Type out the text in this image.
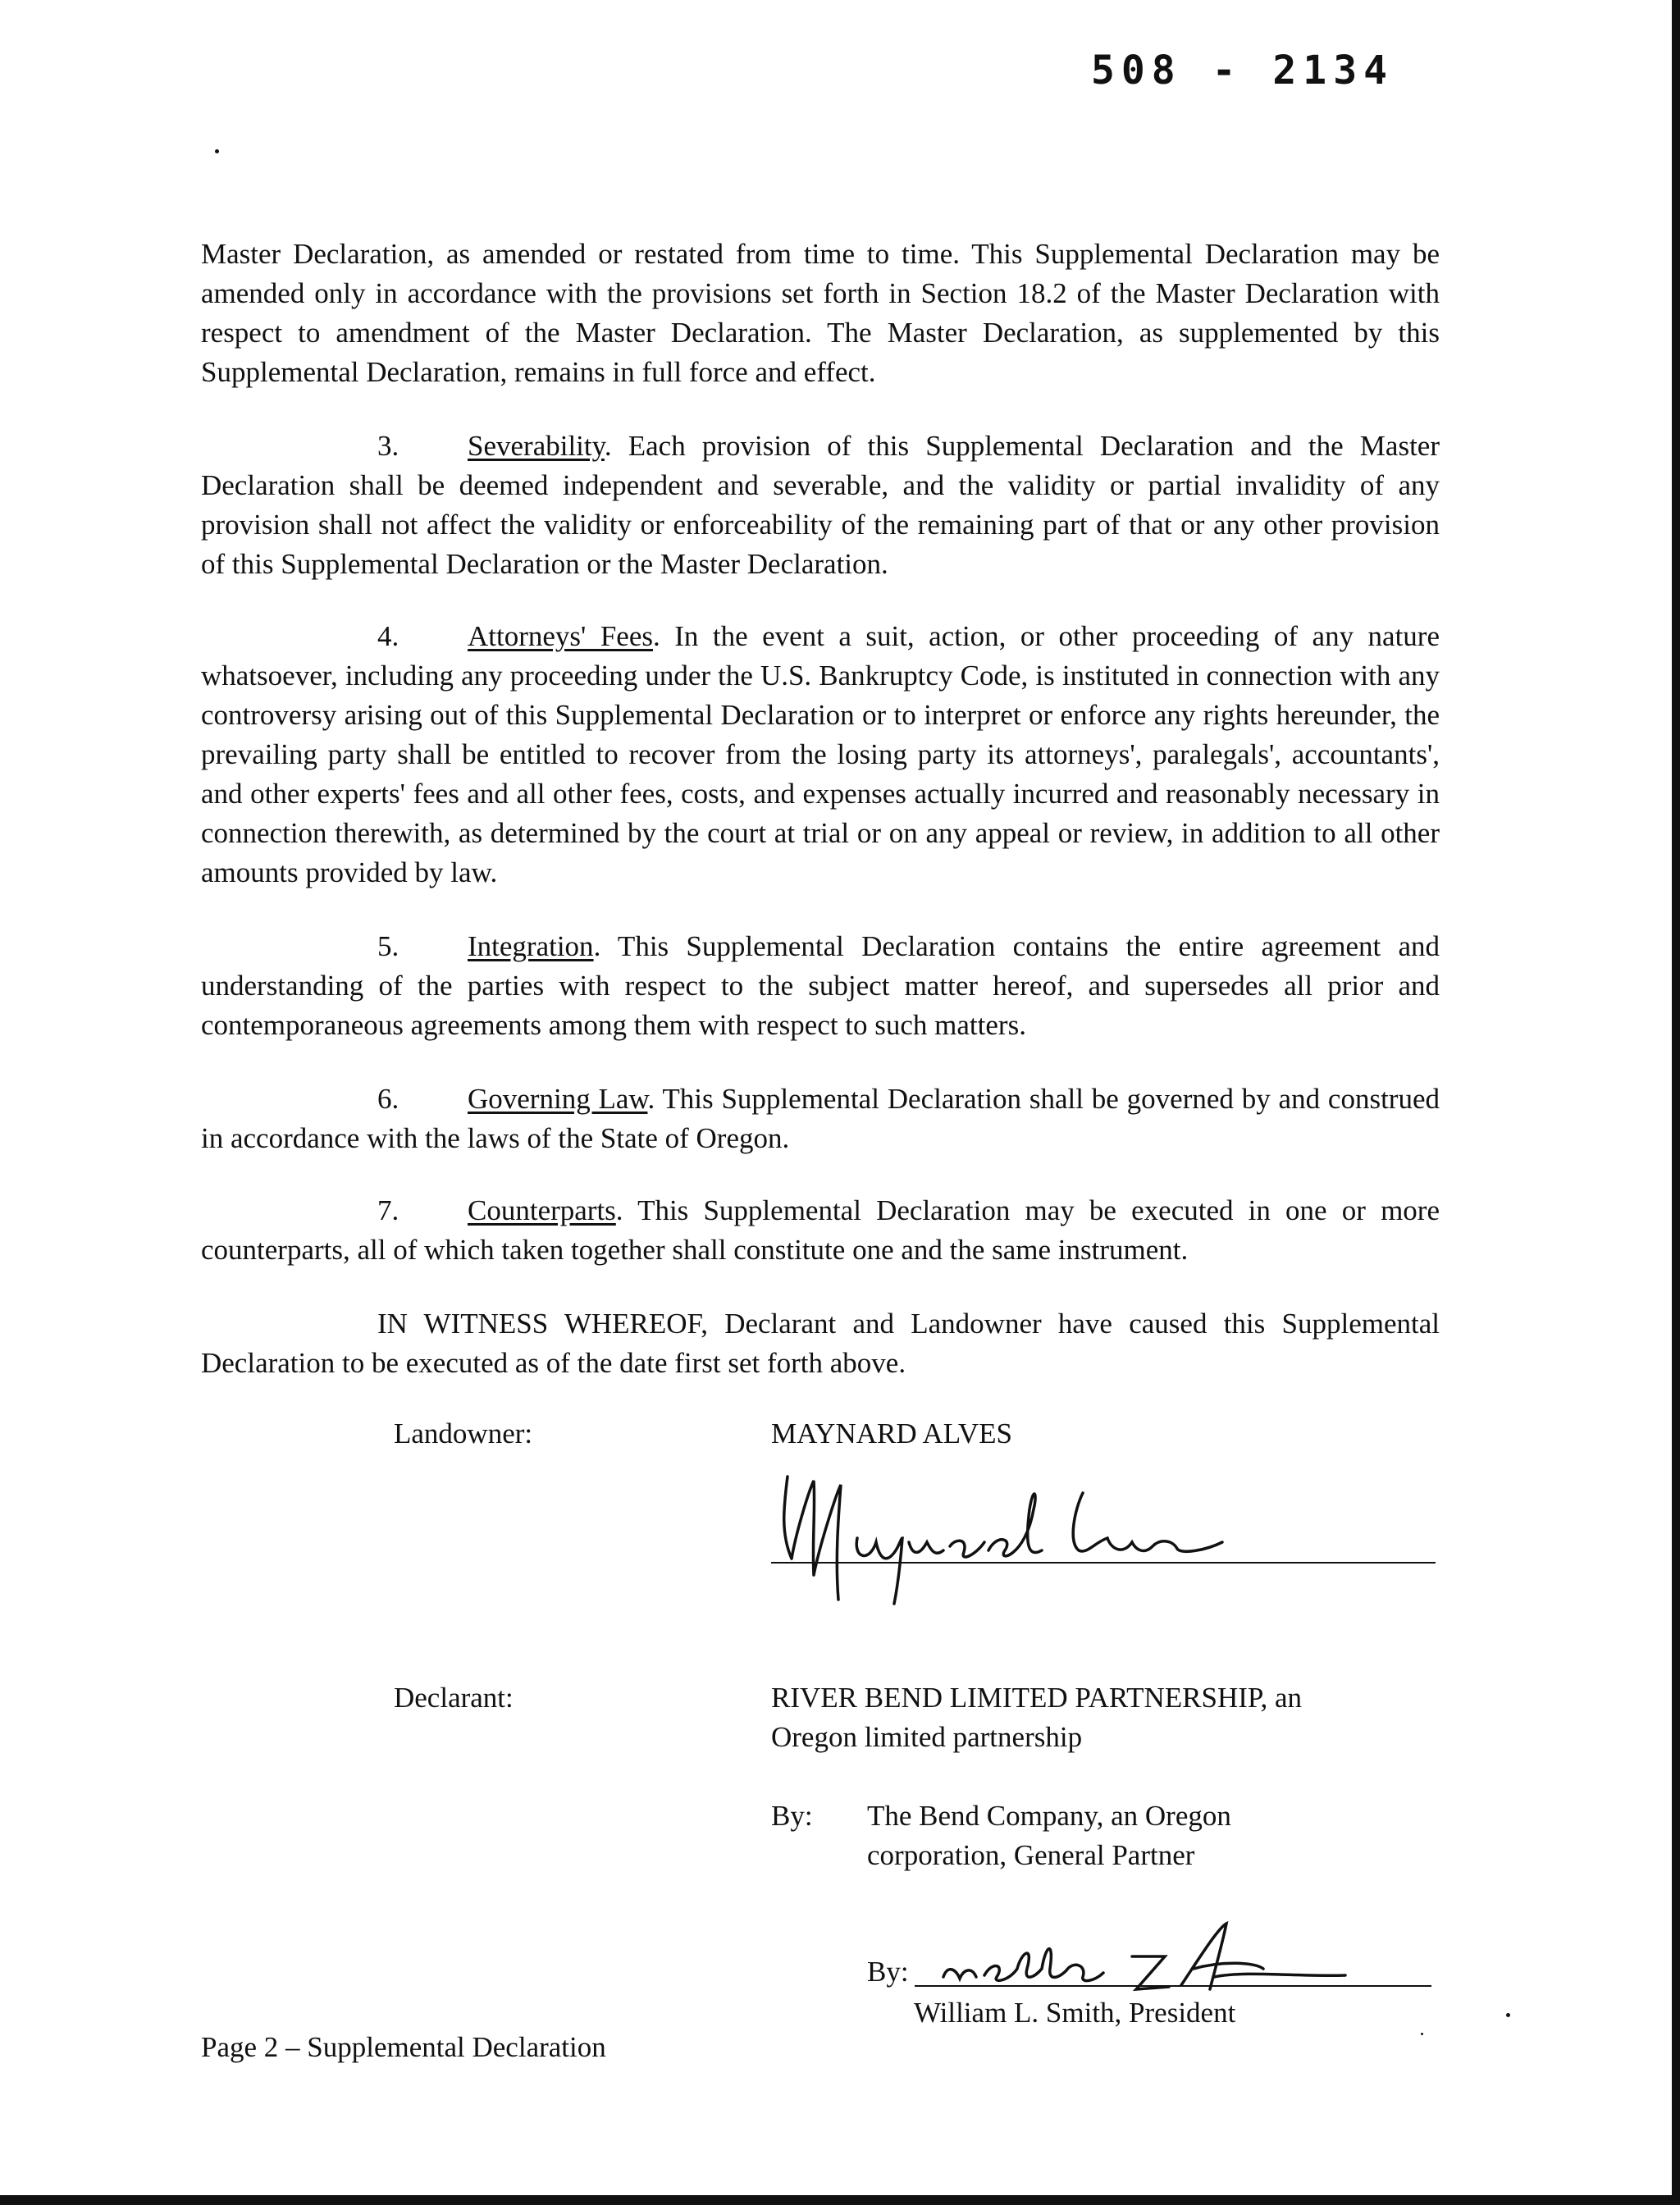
508 - 2134
Master Declaration, as amended or restated from time to time. This Supplemental Declaration may be amended only in accordance with the provisions set forth in Section 18.2 of the Master Declaration with respect to amendment of the Master Declaration. The Master Declaration, as supplemented by this Supplemental Declaration, remains in full force and effect.
3. Severability. Each provision of this Supplemental Declaration and the Master Declaration shall be deemed independent and severable, and the validity or partial invalidity of any provision shall not affect the validity or enforceability of the remaining part of that or any other provision of this Supplemental Declaration or the Master Declaration.
4. Attorneys' Fees. In the event a suit, action, or other proceeding of any nature whatsoever, including any proceeding under the U.S. Bankruptcy Code, is instituted in connection with any controversy arising out of this Supplemental Declaration or to interpret or enforce any rights hereunder, the prevailing party shall be entitled to recover from the losing party its attorneys', paralegals', accountants', and other experts' fees and all other fees, costs, and expenses actually incurred and reasonably necessary in connection therewith, as determined by the court at trial or on any appeal or review, in addition to all other amounts provided by law.
5. Integration. This Supplemental Declaration contains the entire agreement and understanding of the parties with respect to the subject matter hereof, and supersedes all prior and contemporaneous agreements among them with respect to such matters.
6. Governing Law. This Supplemental Declaration shall be governed by and construed in accordance with the laws of the State of Oregon.
7. Counterparts. This Supplemental Declaration may be executed in one or more counterparts, all of which taken together shall constitute one and the same instrument.
IN WITNESS WHEREOF, Declarant and Landowner have caused this Supplemental Declaration to be executed as of the date first set forth above.
Landowner:	MAYNARD ALVES
Declarant:	RIVER BEND LIMITED PARTNERSHIP, an
Oregon limited partnership
By: The Bend Company, an Oregon
corporation, General Partner
By:
William L. Smith, President
Page 2 – Supplemental Declaration
